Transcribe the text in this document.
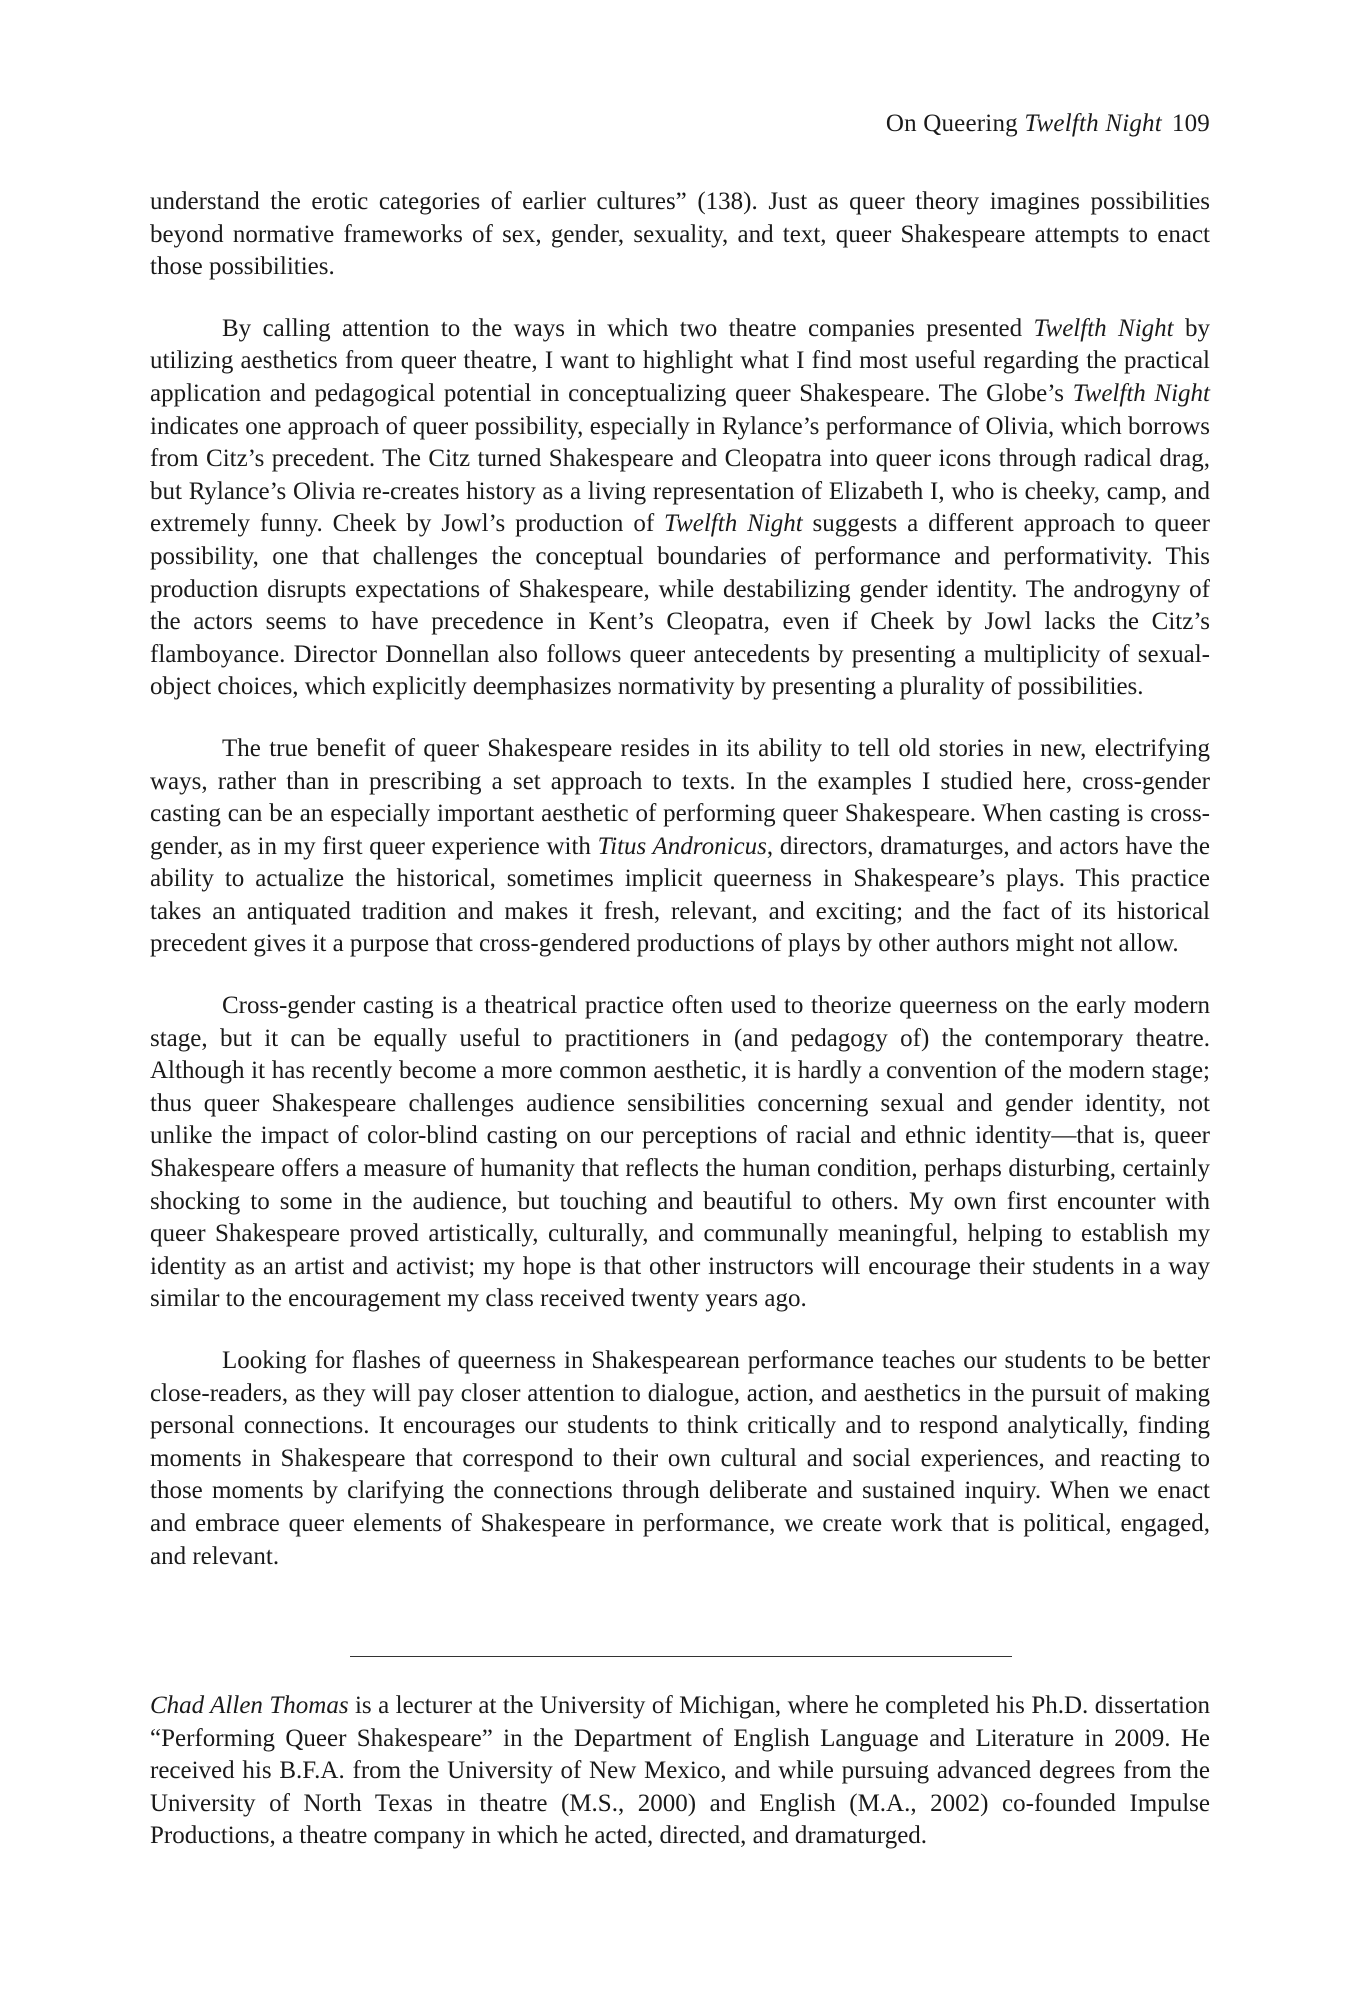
On Queering Twelfth Night 109

understand the erotic categories of earlier cultures” (138). Just as queer theory imagines possibilities beyond normative frameworks of sex, gender, sexuality, and text, queer Shakespeare attempts to enact those possibilities.

By calling attention to the ways in which two theatre companies presented Twelfth Night by utilizing aesthetics from queer theatre, I want to highlight what I find most useful regarding the practical application and pedagogical potential in conceptualizing queer Shakespeare. The Globe’s Twelfth Night indicates one approach of queer possibility, especially in Rylance’s performance of Olivia, which borrows from Citz’s precedent. The Citz turned Shakespeare and Cleopatra into queer icons through radical drag, but Rylance’s Olivia re-creates history as a living representation of Elizabeth I, who is cheeky, camp, and extremely funny. Cheek by Jowl’s production of Twelfth Night suggests a different approach to queer possibility, one that challenges the conceptual boundaries of performance and performativity. This production disrupts expectations of Shakespeare, while destabilizing gender identity. The androgyny of the actors seems to have precedence in Kent’s Cleopatra, even if Cheek by Jowl lacks the Citz’s flamboyance. Director Donnellan also follows queer antecedents by presenting a multiplicity of sexual-object choices, which explicitly deemphasizes normativity by presenting a plurality of possibilities.

The true benefit of queer Shakespeare resides in its ability to tell old stories in new, electrifying ways, rather than in prescribing a set approach to texts. In the examples I studied here, cross-gender casting can be an especially important aesthetic of performing queer Shakespeare. When casting is cross-gender, as in my first queer experience with Titus Andronicus, directors, dramaturges, and actors have the ability to actualize the historical, sometimes implicit queerness in Shakespeare’s plays. This practice takes an antiquated tradition and makes it fresh, relevant, and exciting; and the fact of its historical precedent gives it a purpose that cross-gendered productions of plays by other authors might not allow.

Cross-gender casting is a theatrical practice often used to theorize queerness on the early modern stage, but it can be equally useful to practitioners in (and pedagogy of) the contemporary theatre. Although it has recently become a more common aesthetic, it is hardly a convention of the modern stage; thus queer Shakespeare challenges audience sensibilities concerning sexual and gender identity, not unlike the impact of color-blind casting on our perceptions of racial and ethnic identity—that is, queer Shakespeare offers a measure of humanity that reflects the human condition, perhaps disturbing, certainly shocking to some in the audience, but touching and beautiful to others. My own first encounter with queer Shakespeare proved artistically, culturally, and communally meaningful, helping to establish my identity as an artist and activist; my hope is that other instructors will encourage their students in a way similar to the encouragement my class received twenty years ago.

Looking for flashes of queerness in Shakespearean performance teaches our students to be better close-readers, as they will pay closer attention to dialogue, action, and aesthetics in the pursuit of making personal connections. It encourages our students to think critically and to respond analytically, finding moments in Shakespeare that correspond to their own cultural and social experiences, and reacting to those moments by clarifying the connections through deliberate and sustained inquiry. When we enact and embrace queer elements of Shakespeare in performance, we create work that is political, engaged, and relevant.

Chad Allen Thomas is a lecturer at the University of Michigan, where he completed his Ph.D. dissertation “Performing Queer Shakespeare” in the Department of English Language and Literature in 2009. He received his B.F.A. from the University of New Mexico, and while pursuing advanced degrees from the University of North Texas in theatre (M.S., 2000) and English (M.A., 2002) co-founded Impulse Productions, a theatre company in which he acted, directed, and dramaturged.
